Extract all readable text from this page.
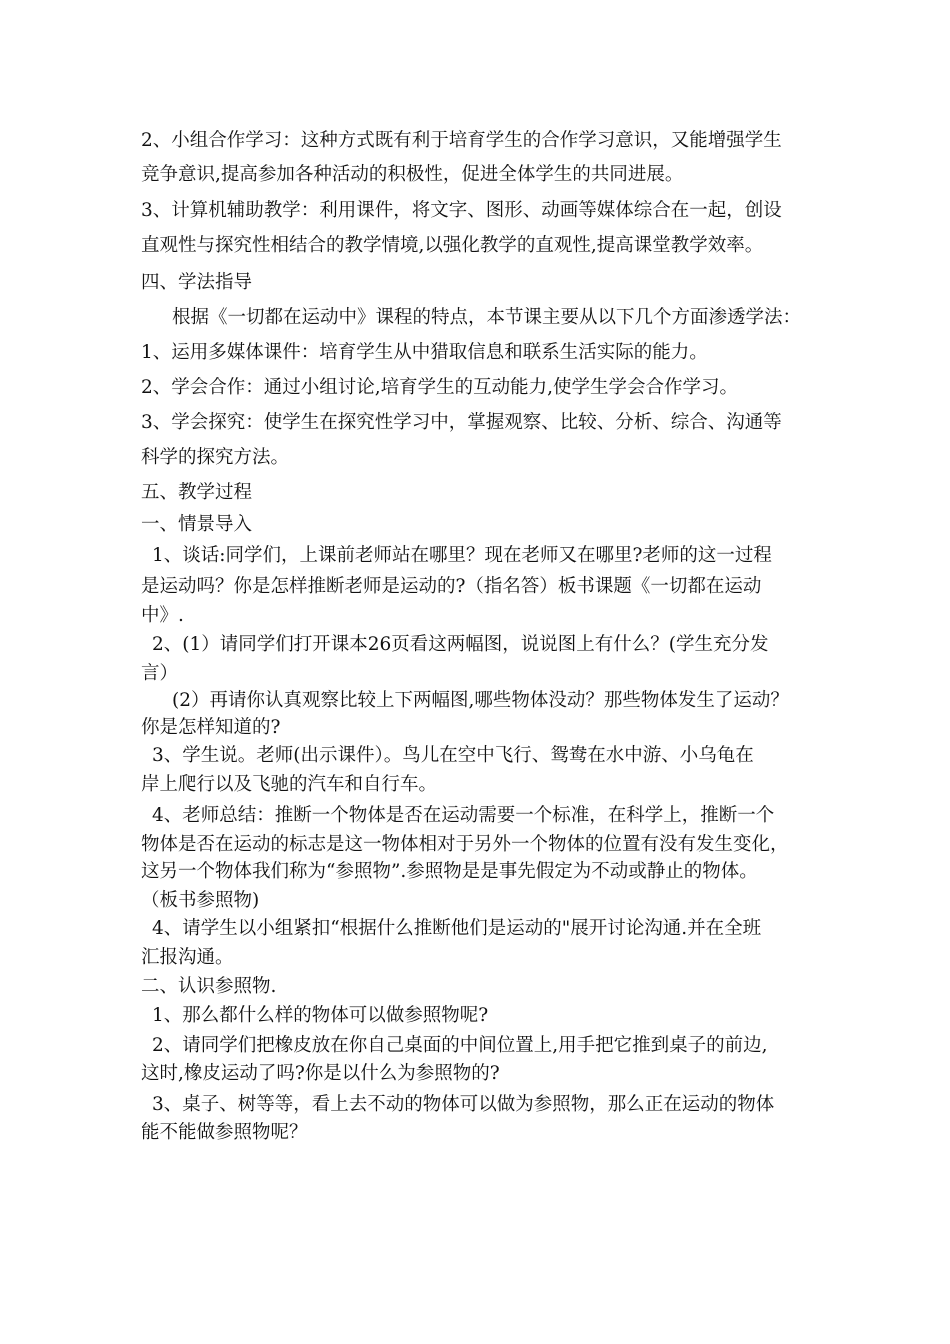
2、小组合作学习：这种方式既有利于培育学生的合作学习意识，又能增强学生

竞争意识,提高参加各种活动的积极性，促进全体学生的共同进展。

3、计算机辅助教学：利用课件，将文字、图形、动画等媒体综合在一起，创设

直观性与探究性相结合的教学情境,以强化教学的直观性,提高课堂教学效率。

四、学法指导

根据《一切都在运动中》课程的特点，本节课主要从以下几个方面渗透学法：

1、运用多媒体课件：培育学生从中猎取信息和联系生活实际的能力。

2、学会合作：通过小组讨论,培育学生的互动能力,使学生学会合作学习。

3、学会探究：使学生在探究性学习中，掌握观察、比较、分析、综合、沟通等

科学的探究方法。

五、教学过程

一、情景导入

1、谈话:同学们，上课前老师站在哪里？现在老师又在哪里?老师的这一过程

是运动吗？你是怎样推断老师是运动的?（指名答）板书课题《一切都在运动

中》.

2、(1）请同学们打开课本26页看这两幅图，说说图上有什么？(学生充分发

言）

(2）再请你认真观察比较上下两幅图,哪些物体没动？那些物体发生了运动？

你是怎样知道的?

3、学生说。老师(出示课件）。鸟儿在空中飞行、鸳鸯在水中游、小乌龟在

岸上爬行以及飞驰的汽车和自行车。

4、老师总结：推断一个物体是否在运动需要一个标准，在科学上，推断一个

物体是否在运动的标志是这一物体相对于另外一个物体的位置有没有发生变化，

这另一个物体我们称为“参照物”.参照物是是事先假定为不动或静止的物体。

（板书参照物)

4、请学生以小组紧扣“根据什么推断他们是运动的"展开讨论沟通.并在全班

汇报沟通。

二、认识参照物.

1、那么都什么样的物体可以做参照物呢?

2、请同学们把橡皮放在你自己桌面的中间位置上,用手把它推到桌子的前边,

这时,橡皮运动了吗?你是以什么为参照物的?

3、桌子、树等等，看上去不动的物体可以做为参照物，那么正在运动的物体

能不能做参照物呢？
